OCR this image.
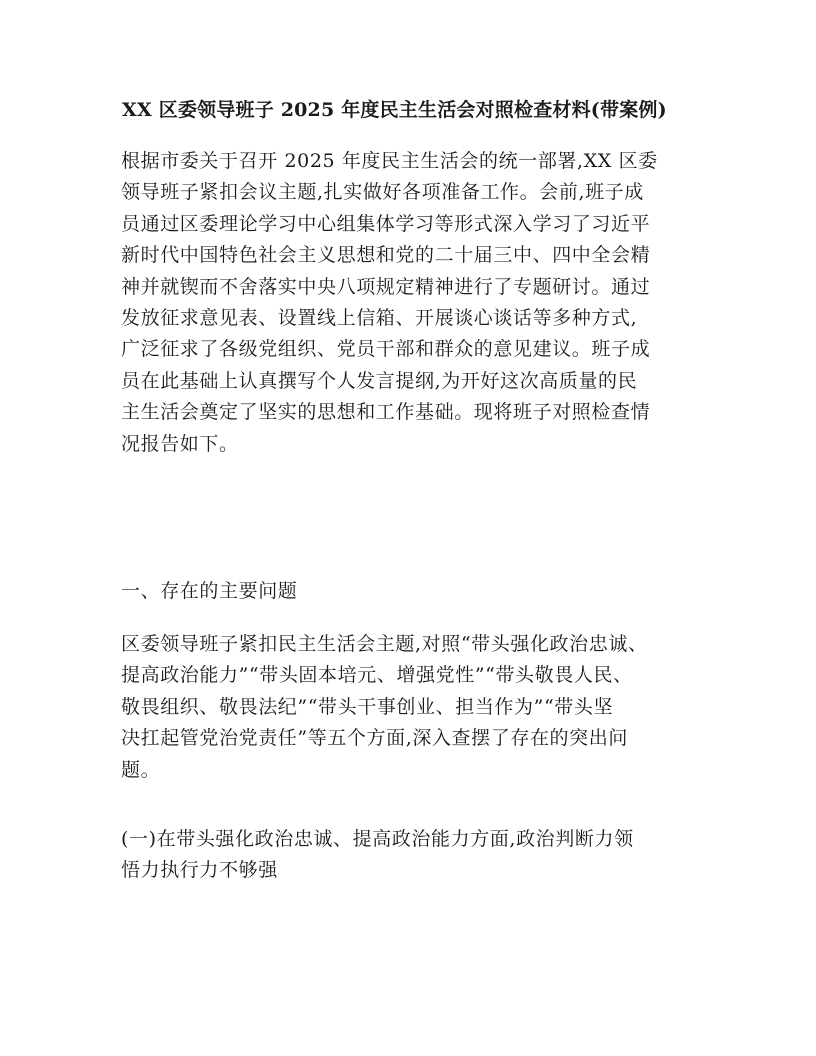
XX 区委领导班子 2025 年度民主生活会对照检查材料(带案例)
根据市委关于召开 2025 年度民主生活会的统一部署,XX 区委
领导班子紧扣会议主题,扎实做好各项准备工作。会前,班子成
员通过区委理论学习中心组集体学习等形式深入学习了习近平
新时代中国特色社会主义思想和党的二十届三中、四中全会精
神并就锲而不舍落实中央八项规定精神进行了专题研讨。通过
发放征求意见表、设置线上信箱、开展谈心谈话等多种方式,
广泛征求了各级党组织、党员干部和群众的意见建议。班子成
员在此基础上认真撰写个人发言提纲,为开好这次高质量的民
主生活会奠定了坚实的思想和工作基础。现将班子对照检查情
况报告如下。
一、存在的主要问题
区委领导班子紧扣民主生活会主题,对照“带头强化政治忠诚、
提高政治能力”“带头固本培元、增强党性”“带头敬畏人民、
敬畏组织、敬畏法纪”“带头干事创业、担当作为”“带头坚
决扛起管党治党责任”等五个方面,深入查摆了存在的突出问
题。
(一)在带头强化政治忠诚、提高政治能力方面,政治判断力领
悟力执行力不够强
